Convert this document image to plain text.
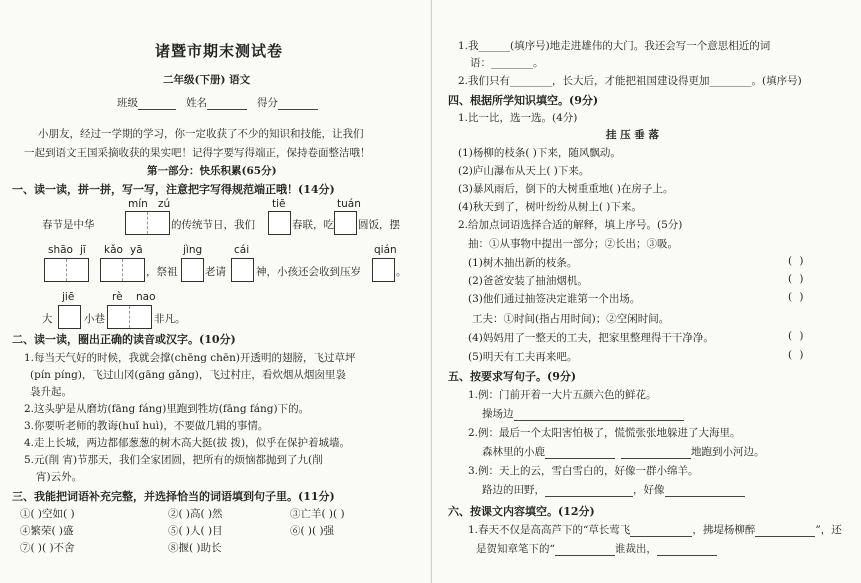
诸暨市期末测试卷
二年级(下册) 语文
班级	姓名	得分
小朋友，经过一学期的学习，你一定收获了不少的知识和技能，让我们
一起到语文王国采摘收获的果实吧！记得字要写得端正，保持卷面整洁哦！
第一部分：快乐积累(65分)
一、读一读，拼一拼，写一写，注意把字写得规范端正哦！(14分)
mín zú	tiē	tuán
春节是中华	的传统节日，我们	春联，吃 圆饭，摆
shāo jī kǎo yā	jìng	cái	qián
，祭祖	老请	神，小孩还会收到压岁	。
jiē	rè nao
大	小巷	非凡。
二、读一读，圈出正确的读音或汉字。(10分)
1.每当天气好的时候，我就会撑(chēng chēn)开透明的翅膀，飞过草坪
(pín píng)，飞过山冈(gāng gǎng)，飞过村庄，看炊烟从烟囱里袅
袅升起。
2.这头驴是从磨坊(fāng fáng)里跑到牲坊(fāng fáng)下的。
3.你要听老师的教诲(huǐ huì)，不要做几辑的事情。
4.走上长城，两边都郁葱葱的树木高大挺(拔 拨)，似乎在保护着城墙。
5.元(削 宵)节那天，我们全家团圆，把所有的烦恼都抛到了九(削
宵)云外。
三、我能把词语补充完整，并选择恰当的词语填到句子里。(11分)
①( )空如( )	②( )高( )然	③亡羊( )( )
④繁荣( )盛	⑤( )人( )目	⑥( )( )强
⑦( )( )不舍	⑧揠( )助长
1.我______(填序号)地走进雄伟的大门。我还会写一个意思相近的词
语：________。
2.我们只有________，长大后，才能把祖国建设得更加________。(填序号)
四、根据所学知识填空。(9分)
1.比一比，选一选。(4分)
挂 压 垂 落
(1)杨柳的枝条( )下来，随风飘动。
(2)庐山瀑布从天上( )下来。
(3)暴风雨后，倒下的大树重重地( )在房子上。
(4)秋天到了，树叶纷纷从树上( )下来。
2.给加点词语选择合适的解释，填上序号。(5分)
抽：①从事物中提出一部分；②长出；③吸。
(1)树木抽出新的枝条。	( )
(2)爸爸安装了抽油烟机。	( )
(3)他们通过抽签决定谁第一个出场。	( )
工夫：①时间(指占用时间)；②空闲时间。
(4)妈妈用了一整天的工夫，把家里整理得干干净净。	( )
(5)明天有工夫再来吧。	( )
五、按要求写句子。(9分)
1.例：门前开着一大片五颜六色的鲜花。
操场边
2.例：最后一个太阳害怕极了，慌慌张张地躲进了大海里。
森林里的小鹿	地跑到小河边。
3.例：天上的云，雪白雪白的，好像一群小绵羊。
路边的田野，	，好像
六、按课文内容填空。(12分)
1.春天不仅是高高芦下的“草长莺飞	，拂堤杨柳醉	”，还
是贺知章笔下的“	谁裁出，
